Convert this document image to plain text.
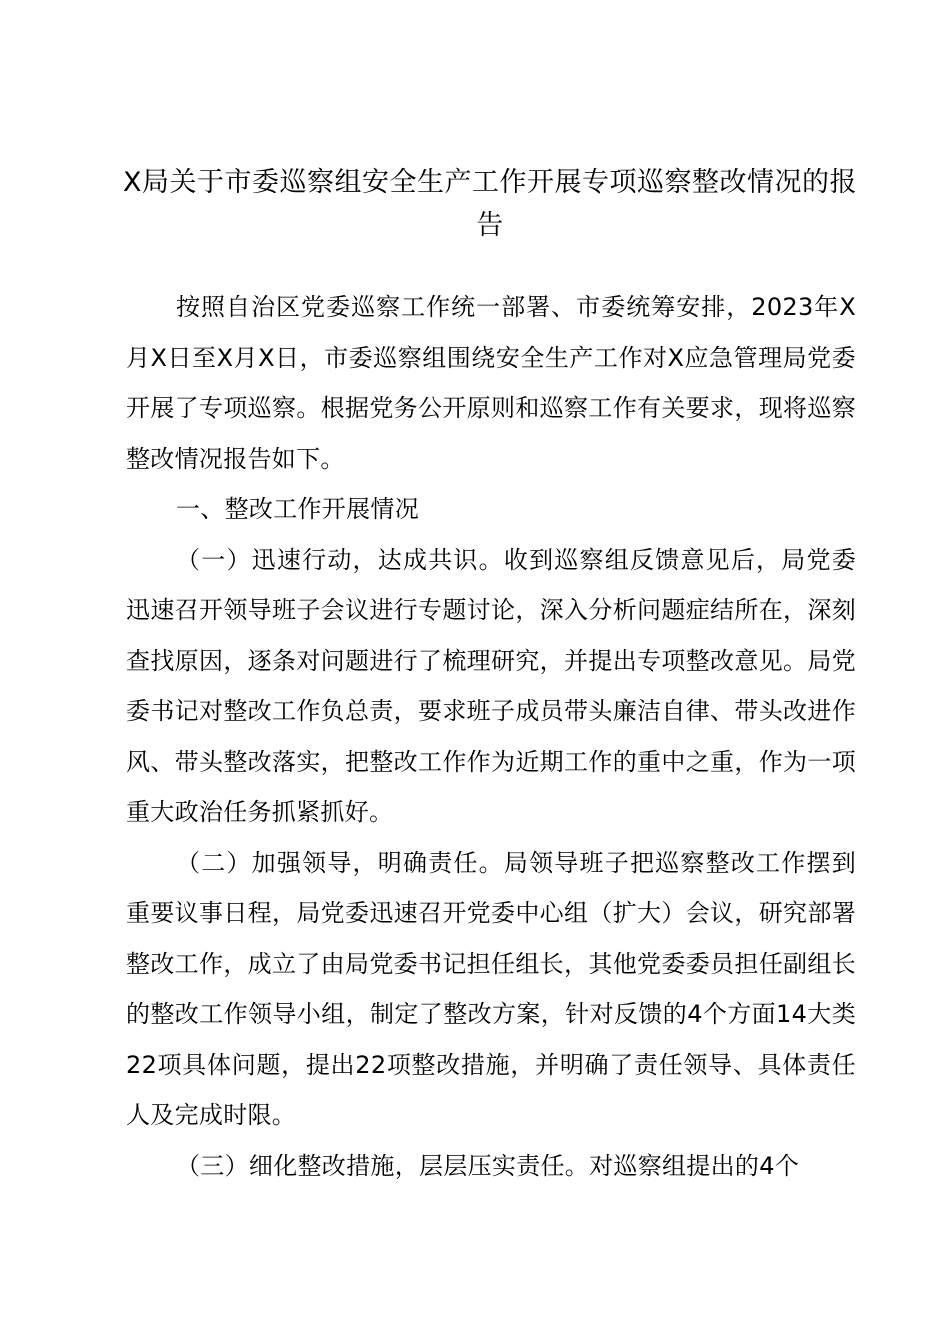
X局关于市委巡察组安全生产工作开展专项巡察整改情况的报告

按照自治区党委巡察工作统一部署、市委统筹安排，2023年X月X日至X月X日，市委巡察组围绕安全生产工作对X应急管理局党委开展了专项巡察。根据党务公开原则和巡察工作有关要求，现将巡察整改情况报告如下。

一、整改工作开展情况

（一）迅速行动，达成共识。收到巡察组反馈意见后，局党委迅速召开领导班子会议进行专题讨论，深入分析问题症结所在，深刻查找原因，逐条对问题进行了梳理研究，并提出专项整改意见。局党委书记对整改工作负总责，要求班子成员带头廉洁自律、带头改进作风、带头整改落实，把整改工作作为近期工作的重中之重，作为一项重大政治任务抓紧抓好。

（二）加强领导，明确责任。局领导班子把巡察整改工作摆到重要议事日程，局党委迅速召开党委中心组（扩大）会议，研究部署整改工作，成立了由局党委书记担任组长，其他党委委员担任副组长的整改工作领导小组，制定了整改方案，针对反馈的4个方面14大类22项具体问题，提出22项整改措施，并明确了责任领导、具体责任人及完成时限。

（三）细化整改措施，层层压实责任。对巡察组提出的4个
